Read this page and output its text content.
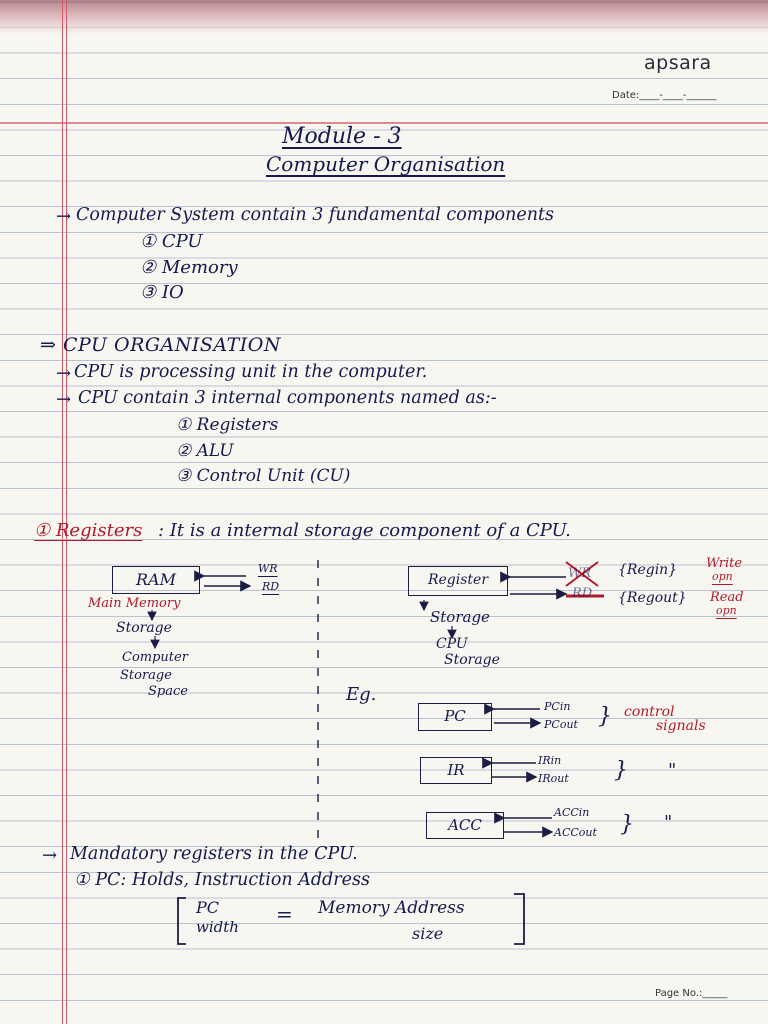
apsara
Date:____-____-______
Page No.:_____
Module - 3
Computer Organisation
→ Computer System contain 3 fundamental components
① CPU
② Memory
③ IO
⇒ CPU ORGANISATION
→ CPU is processing unit in the computer.
→ CPU contain 3 internal components named as:-
① Registers
② ALU
③ Control Unit (CU)
① Registers : It is a internal storage component of a CPU.
RAM
WR
RD
Main Memory
Storage
Computer
Storage
Space
Register	WR
RD
{Regin}
{Regout}
Write
opn
Read
opn
Storage
CPU
Storage
Eg.
PC
PCin
PCout } control
signals
IR
IRin
IRout } "
ACC
ACCin
ACCout } "
→ Mandatory registers in the CPU.
① PC: Holds, Instruction Address
PC
width
= Memory Address
size
